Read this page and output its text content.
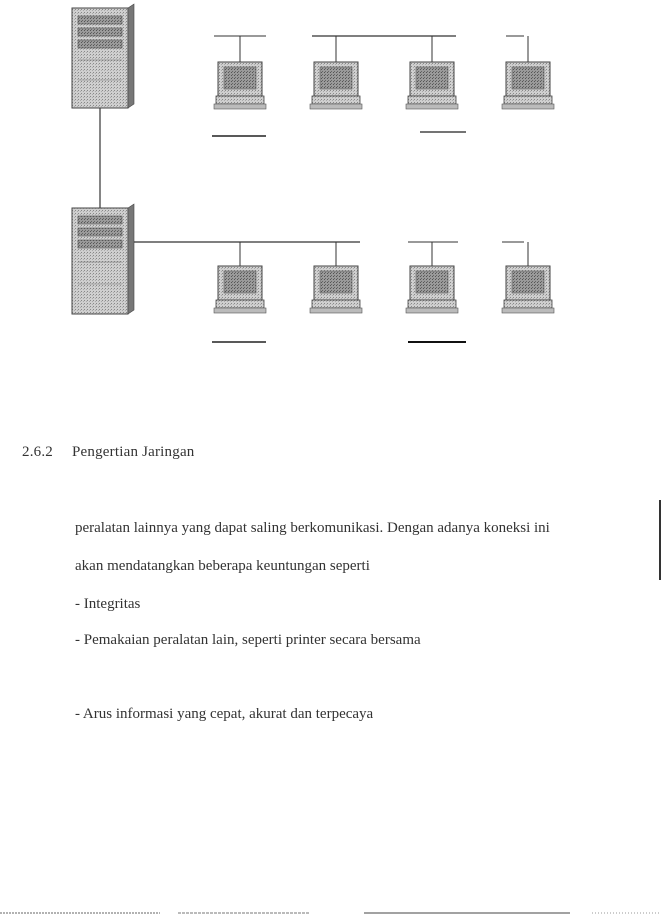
2.6.2 Pengertian Jaringan
peralatan lainnya yang dapat saling berkomunikasi. Dengan adanya koneksi ini
akan mendatangkan beberapa keuntungan seperti
- Integritas
- Pemakaian peralatan lain, seperti printer secara bersama
- Arus informasi yang cepat, akurat dan terpecaya
